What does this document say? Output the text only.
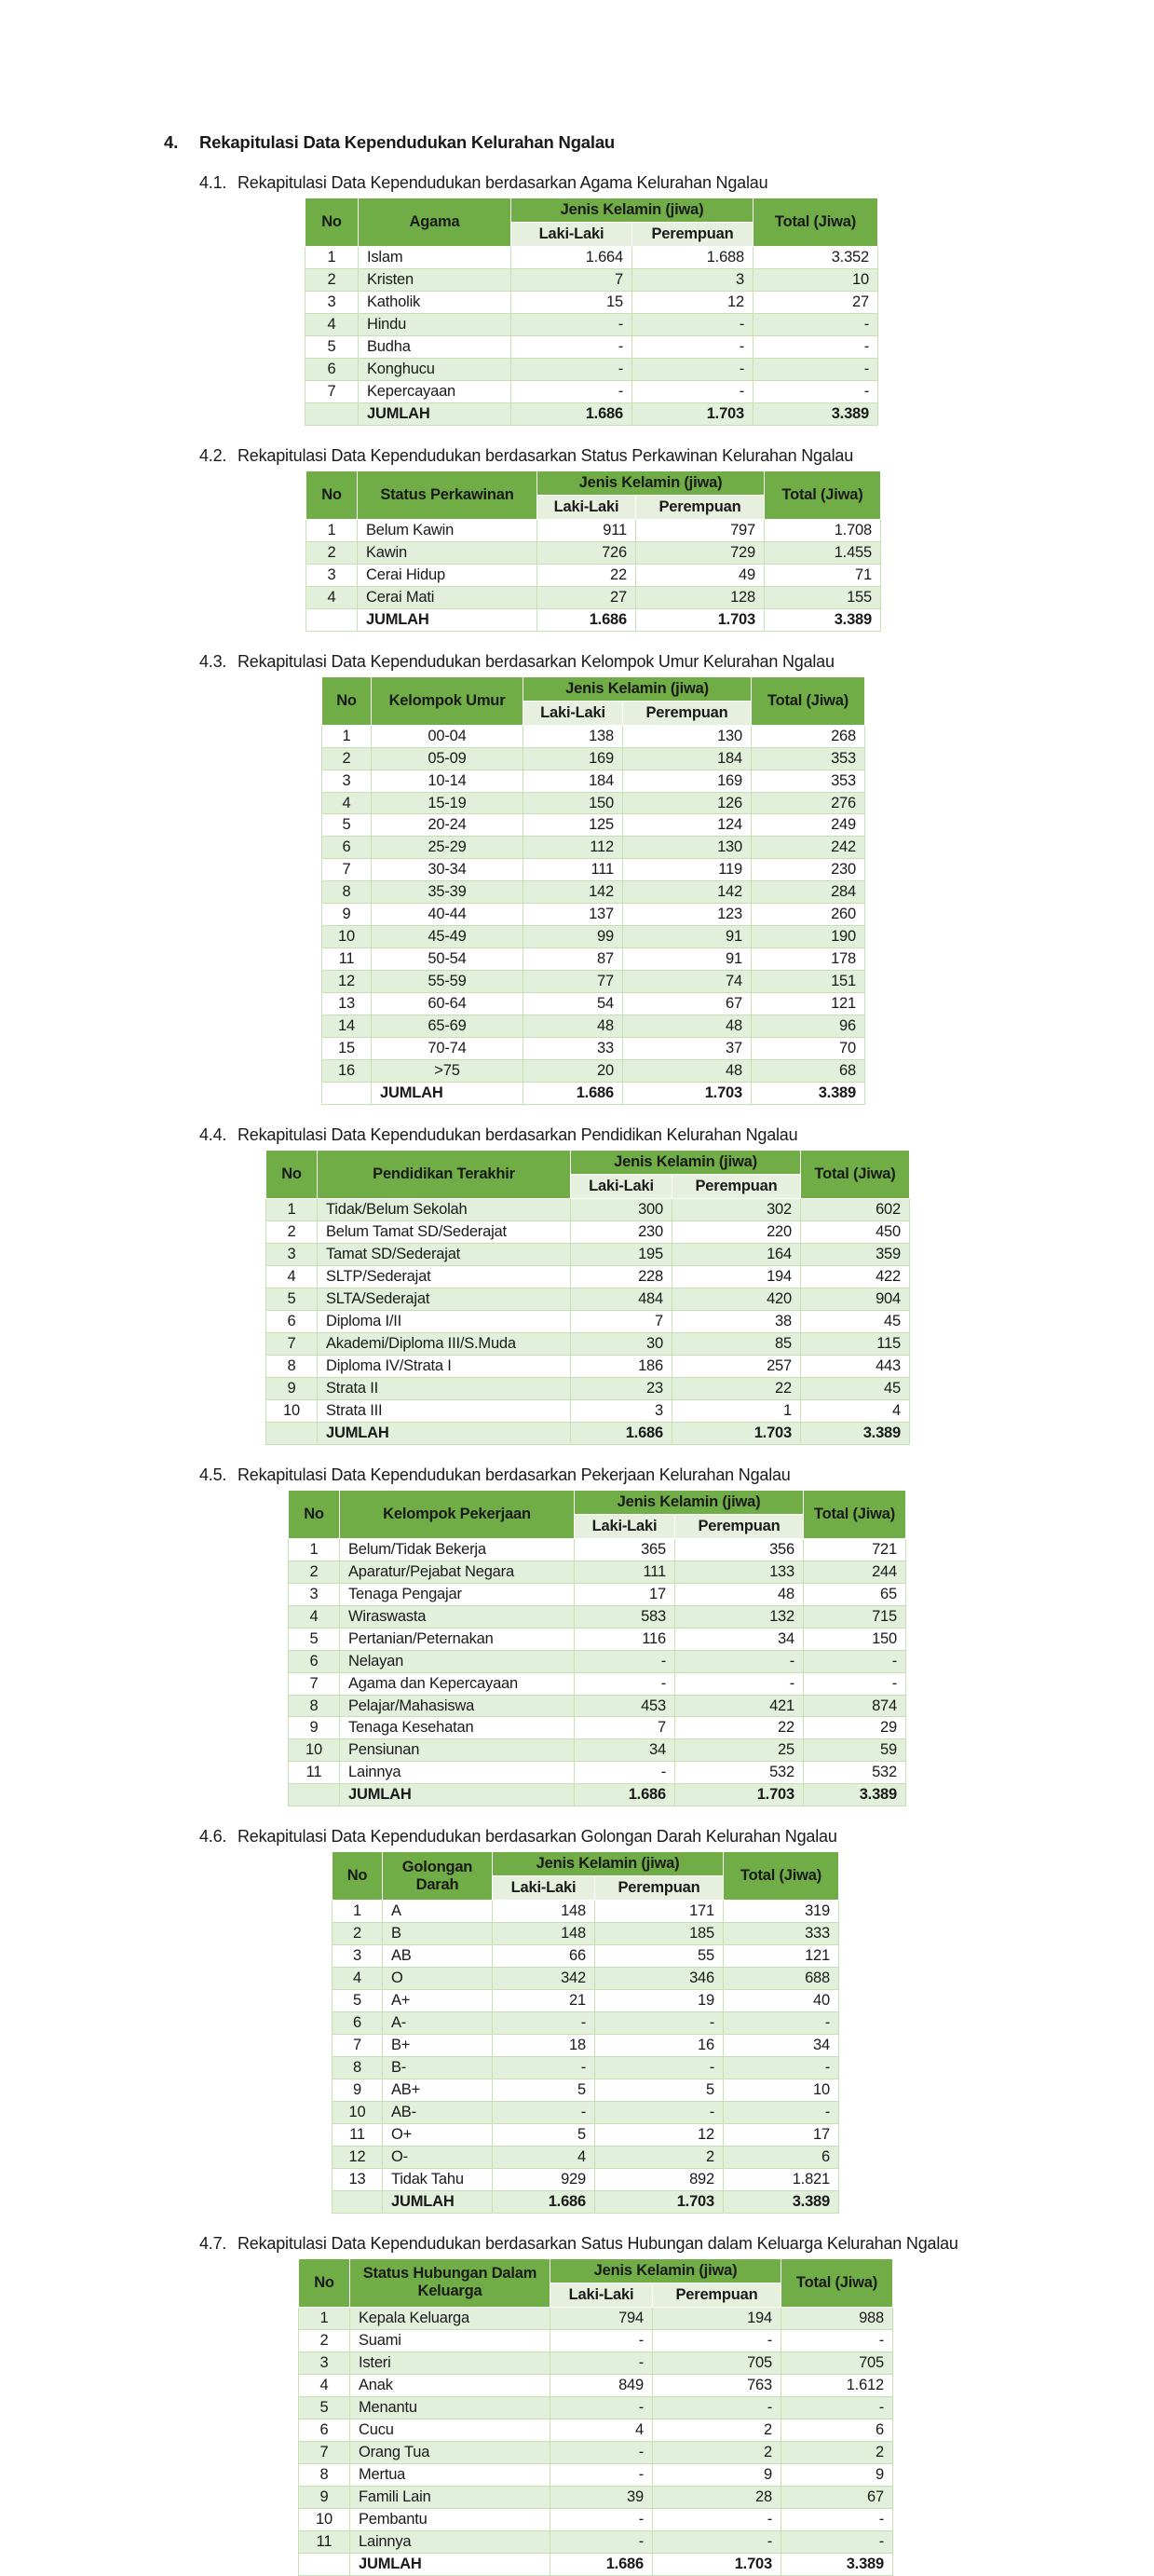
4. Rekapitulasi Data Kependudukan Kelurahan Ngalau
4.1. Rekapitulasi Data Kependudukan berdasarkan Agama Kelurahan Ngalau
No	Agama	Jenis Kelamin (jiwa)		Total (Jiwa)
		Laki-Laki	Perempuan	
1	Islam	1.664	1.688	3.352
2	Kristen	7	3	10
3	Katholik	15	12	27
4	Hindu	-	-	-
5	Budha	-	-	-
6	Konghucu	-	-	-
7	Kepercayaan	-	-	-
	JUMLAH	1.686	1.703	3.389
4.2. Rekapitulasi Data Kependudukan berdasarkan Status Perkawinan Kelurahan Ngalau
No	Status Perkawinan	Jenis Kelamin (jiwa)		Total (Jiwa)
		Laki-Laki	Perempuan	
1	Belum Kawin	911	797	1.708
2	Kawin	726	729	1.455
3	Cerai Hidup	22	49	71
4	Cerai Mati	27	128	155
	JUMLAH	1.686	1.703	3.389
4.3. Rekapitulasi Data Kependudukan berdasarkan Kelompok Umur Kelurahan Ngalau
No	Kelompok Umur	Jenis Kelamin (jiwa)		Total (Jiwa)
		Laki-Laki	Perempuan	
1	00-04	138	130	268
2	05-09	169	184	353
3	10-14	184	169	353
4	15-19	150	126	276
5	20-24	125	124	249
6	25-29	112	130	242
7	30-34	111	119	230
8	35-39	142	142	284
9	40-44	137	123	260
10	45-49	99	91	190
11	50-54	87	91	178
12	55-59	77	74	151
13	60-64	54	67	121
14	65-69	48	48	96
15	70-74	33	37	70
16	>75	20	48	68
	JUMLAH	1.686	1.703	3.389
4.4. Rekapitulasi Data Kependudukan berdasarkan Pendidikan Kelurahan Ngalau
No	Pendidikan Terakhir	Jenis Kelamin (jiwa)		Total (Jiwa)
		Laki-Laki	Perempuan	
1	Tidak/Belum Sekolah	300	302	602
2	Belum Tamat SD/Sederajat	230	220	450
3	Tamat SD/Sederajat	195	164	359
4	SLTP/Sederajat	228	194	422
5	SLTA/Sederajat	484	420	904
6	Diploma I/II	7	38	45
7	Akademi/Diploma III/S.Muda	30	85	115
8	Diploma IV/Strata I	186	257	443
9	Strata II	23	22	45
10	Strata III	3	1	4
	JUMLAH	1.686	1.703	3.389
4.5. Rekapitulasi Data Kependudukan berdasarkan Pekerjaan Kelurahan Ngalau
No	Kelompok Pekerjaan	Jenis Kelamin (jiwa)		Total (Jiwa)
		Laki-Laki	Perempuan	
1	Belum/Tidak Bekerja	365	356	721
2	Aparatur/Pejabat Negara	111	133	244
3	Tenaga Pengajar	17	48	65
4	Wiraswasta	583	132	715
5	Pertanian/Peternakan	116	34	150
6	Nelayan	-	-	-
7	Agama dan Kepercayaan	-	-	-
8	Pelajar/Mahasiswa	453	421	874
9	Tenaga Kesehatan	7	22	29
10	Pensiunan	34	25	59
11	Lainnya	-	532	532
	JUMLAH	1.686	1.703	3.389
4.6. Rekapitulasi Data Kependudukan berdasarkan Golongan Darah Kelurahan Ngalau
No	Golongan Darah	Jenis Kelamin (jiwa)		Total (Jiwa)
		Laki-Laki	Perempuan	
1	A	148	171	319
2	B	148	185	333
3	AB	66	55	121
4	O	342	346	688
5	A+	21	19	40
6	A-	-	-	-
7	B+	18	16	34
8	B-	-	-	-
9	AB+	5	5	10
10	AB-	-	-	-
11	O+	5	12	17
12	O-	4	2	6
13	Tidak Tahu	929	892	1.821
	JUMLAH	1.686	1.703	3.389
4.7. Rekapitulasi Data Kependudukan berdasarkan Satus Hubungan dalam Keluarga Kelurahan Ngalau
No	Status Hubungan Dalam Keluarga	Jenis Kelamin (jiwa)		Total (Jiwa)
		Laki-Laki	Perempuan	
1	Kepala Keluarga	794	194	988
2	Suami	-	-	-
3	Isteri	-	705	705
4	Anak	849	763	1.612
5	Menantu	-	-	-
6	Cucu	4	2	6
7	Orang Tua	-	2	2
8	Mertua	-	9	9
9	Famili Lain	39	28	67
10	Pembantu	-	-	-
11	Lainnya	-	-	-
	JUMLAH	1.686	1.703	3.389
